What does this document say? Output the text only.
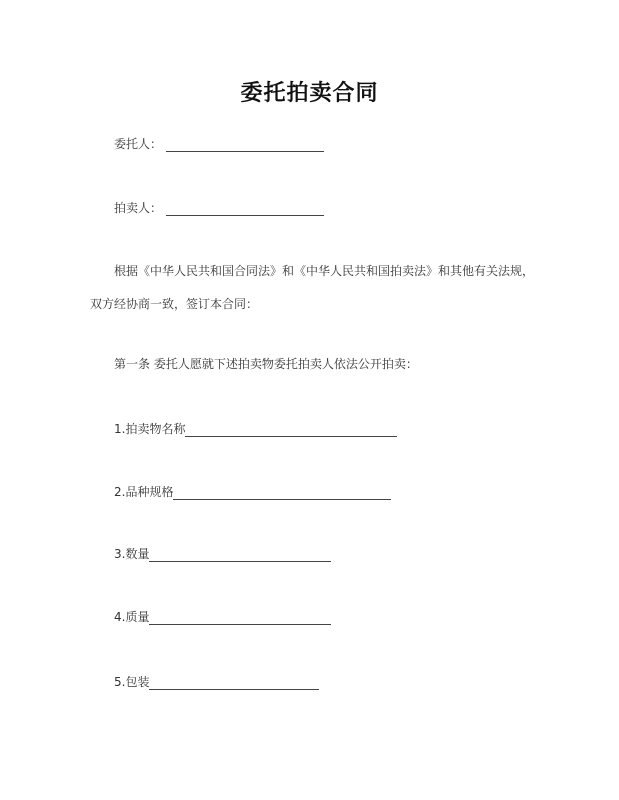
委托拍卖合同
委托人：
拍卖人：
根据《中华人民共和国合同法》和《中华人民共和国拍卖法》和其他有关法规，
双方经协商一致，签订本合同：
第一条 委托人愿就下述拍卖物委托拍卖人依法公开拍卖：
1.拍卖物名称
2.品种规格
3.数量
4.质量
5.包装
